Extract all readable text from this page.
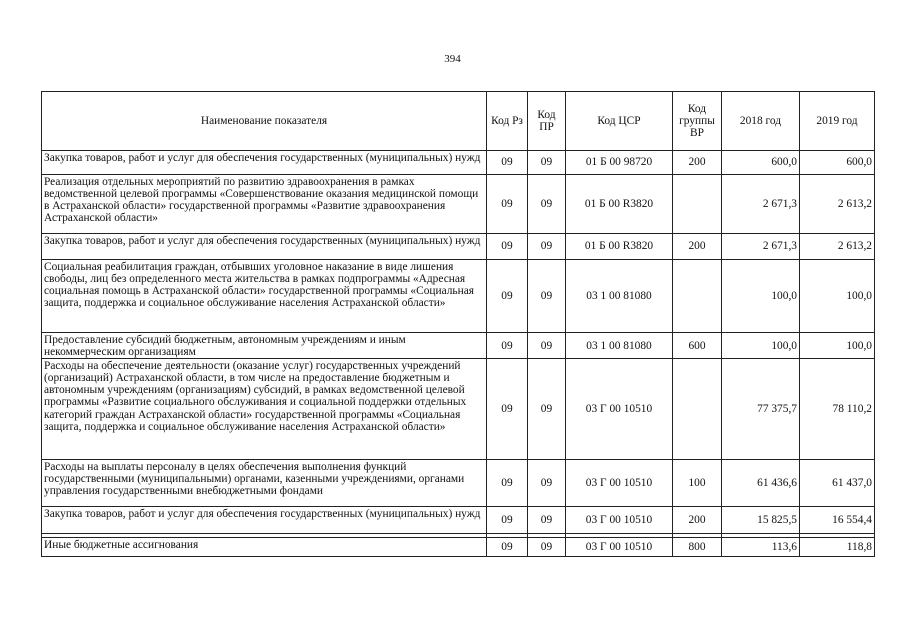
394
Наименование показателя	Код Рз	Код ПР	Код ЦСР	Код группы ВР	2018 год	2019 год
Закупка товаров, работ и услуг для обеспечения государственных (муниципальных) нужд	09	09	01 Б 00 98720	200	600,0	600,0
Реализация отдельных мероприятий по развитию здравоохранения в рамках ведомственной целевой программы «Совершенствование оказания медицинской помощи в Астраханской области» государственной программы «Развитие здравоохранения Астраханской области»	09	09	01 Б 00 R3820		2 671,3	2 613,2
Закупка товаров, работ и услуг для обеспечения государственных (муниципальных) нужд	09	09	01 Б 00 R3820	200	2 671,3	2 613,2
Социальная реабилитация граждан, отбывших уголовное наказание в виде лишения свободы, лиц без определенного места жительства в рамках подпрограммы «Адресная социальная помощь в Астраханской области» государственной программы «Социальная защита, поддержка и социальное обслуживание населения Астраханской области»	09	09	03 1 00 81080		100,0	100,0
Предоставление субсидий бюджетным, автономным учреждениям и иным некоммерческим организациям	09	09	03 1 00 81080	600	100,0	100,0
Расходы на обеспечение деятельности (оказание услуг) государственных учреждений (организаций) Астраханской области, в том числе на предоставление бюджетным и автономным учреждениям (организациям) субсидий, в рамках ведомственной целевой программы «Развитие социального обслуживания и социальной поддержки отдельных категорий граждан Астраханской области» государственной программы «Социальная защита, поддержка и социальное обслуживание населения Астраханской области»	09	09	03 Г 00 10510		77 375,7	78 110,2
Расходы на выплаты персоналу в целях обеспечения выполнения функций государственными (муниципальными) органами, казенными учреждениями, органами управления государственными внебюджетными фондами	09	09	03 Г 00 10510	100	61 436,6	61 437,0
Закупка товаров, работ и услуг для обеспечения государственных (муниципальных) нужд	09	09	03 Г 00 10510	200	15 825,5	16 554,4

Иные бюджетные ассигнования	09	09	03 Г 00 10510	800	113,6	118,8
